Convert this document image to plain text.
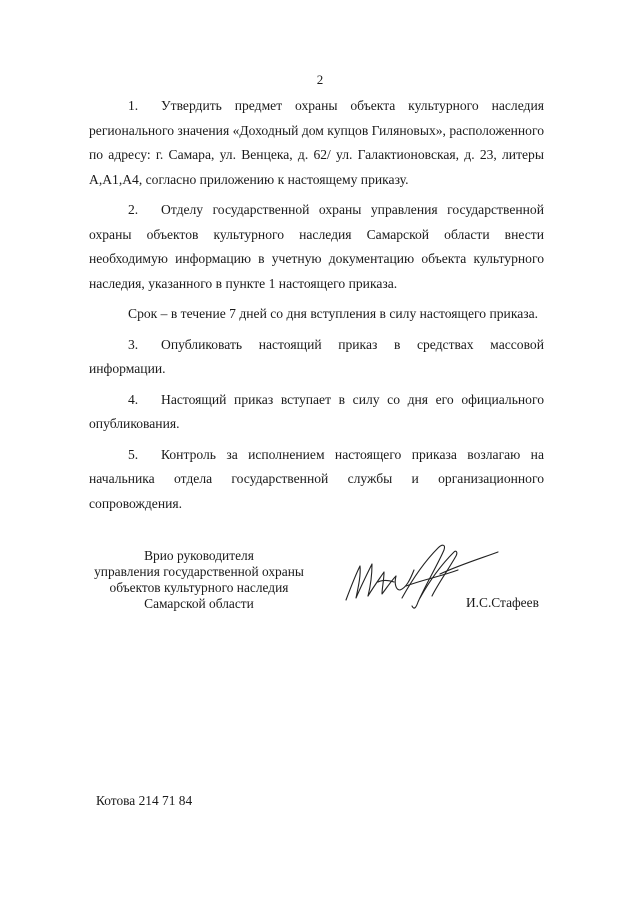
2

1. Утвердить предмет охраны объекта культурного наследия регионального значения «Доходный дом купцов Гиляновых», расположенного по адресу: г. Самара, ул. Венцека, д. 62/ ул. Галактионовская, д. 23, литеры А,А1,А4, согласно приложению к настоящему приказу.

2. Отделу государственной охраны управления государственной охраны объектов культурного наследия Самарской области внести необходимую информацию в учетную документацию объекта культурного наследия, указанного в пункте 1 настоящего приказа.

Срок – в течение 7 дней со дня вступления в силу настоящего приказа.

3. Опубликовать настоящий приказ в средствах массовой информации.

4. Настоящий приказ вступает в силу со дня его официального опубликования.

5. Контроль за исполнением настоящего приказа возлагаю на начальника отдела государственной службы и организационного сопровождения.

Врио руководителя
управления государственной охраны
объектов культурного наследия
Самарской области	И.С.Стафеев
Котова 214 71 84
